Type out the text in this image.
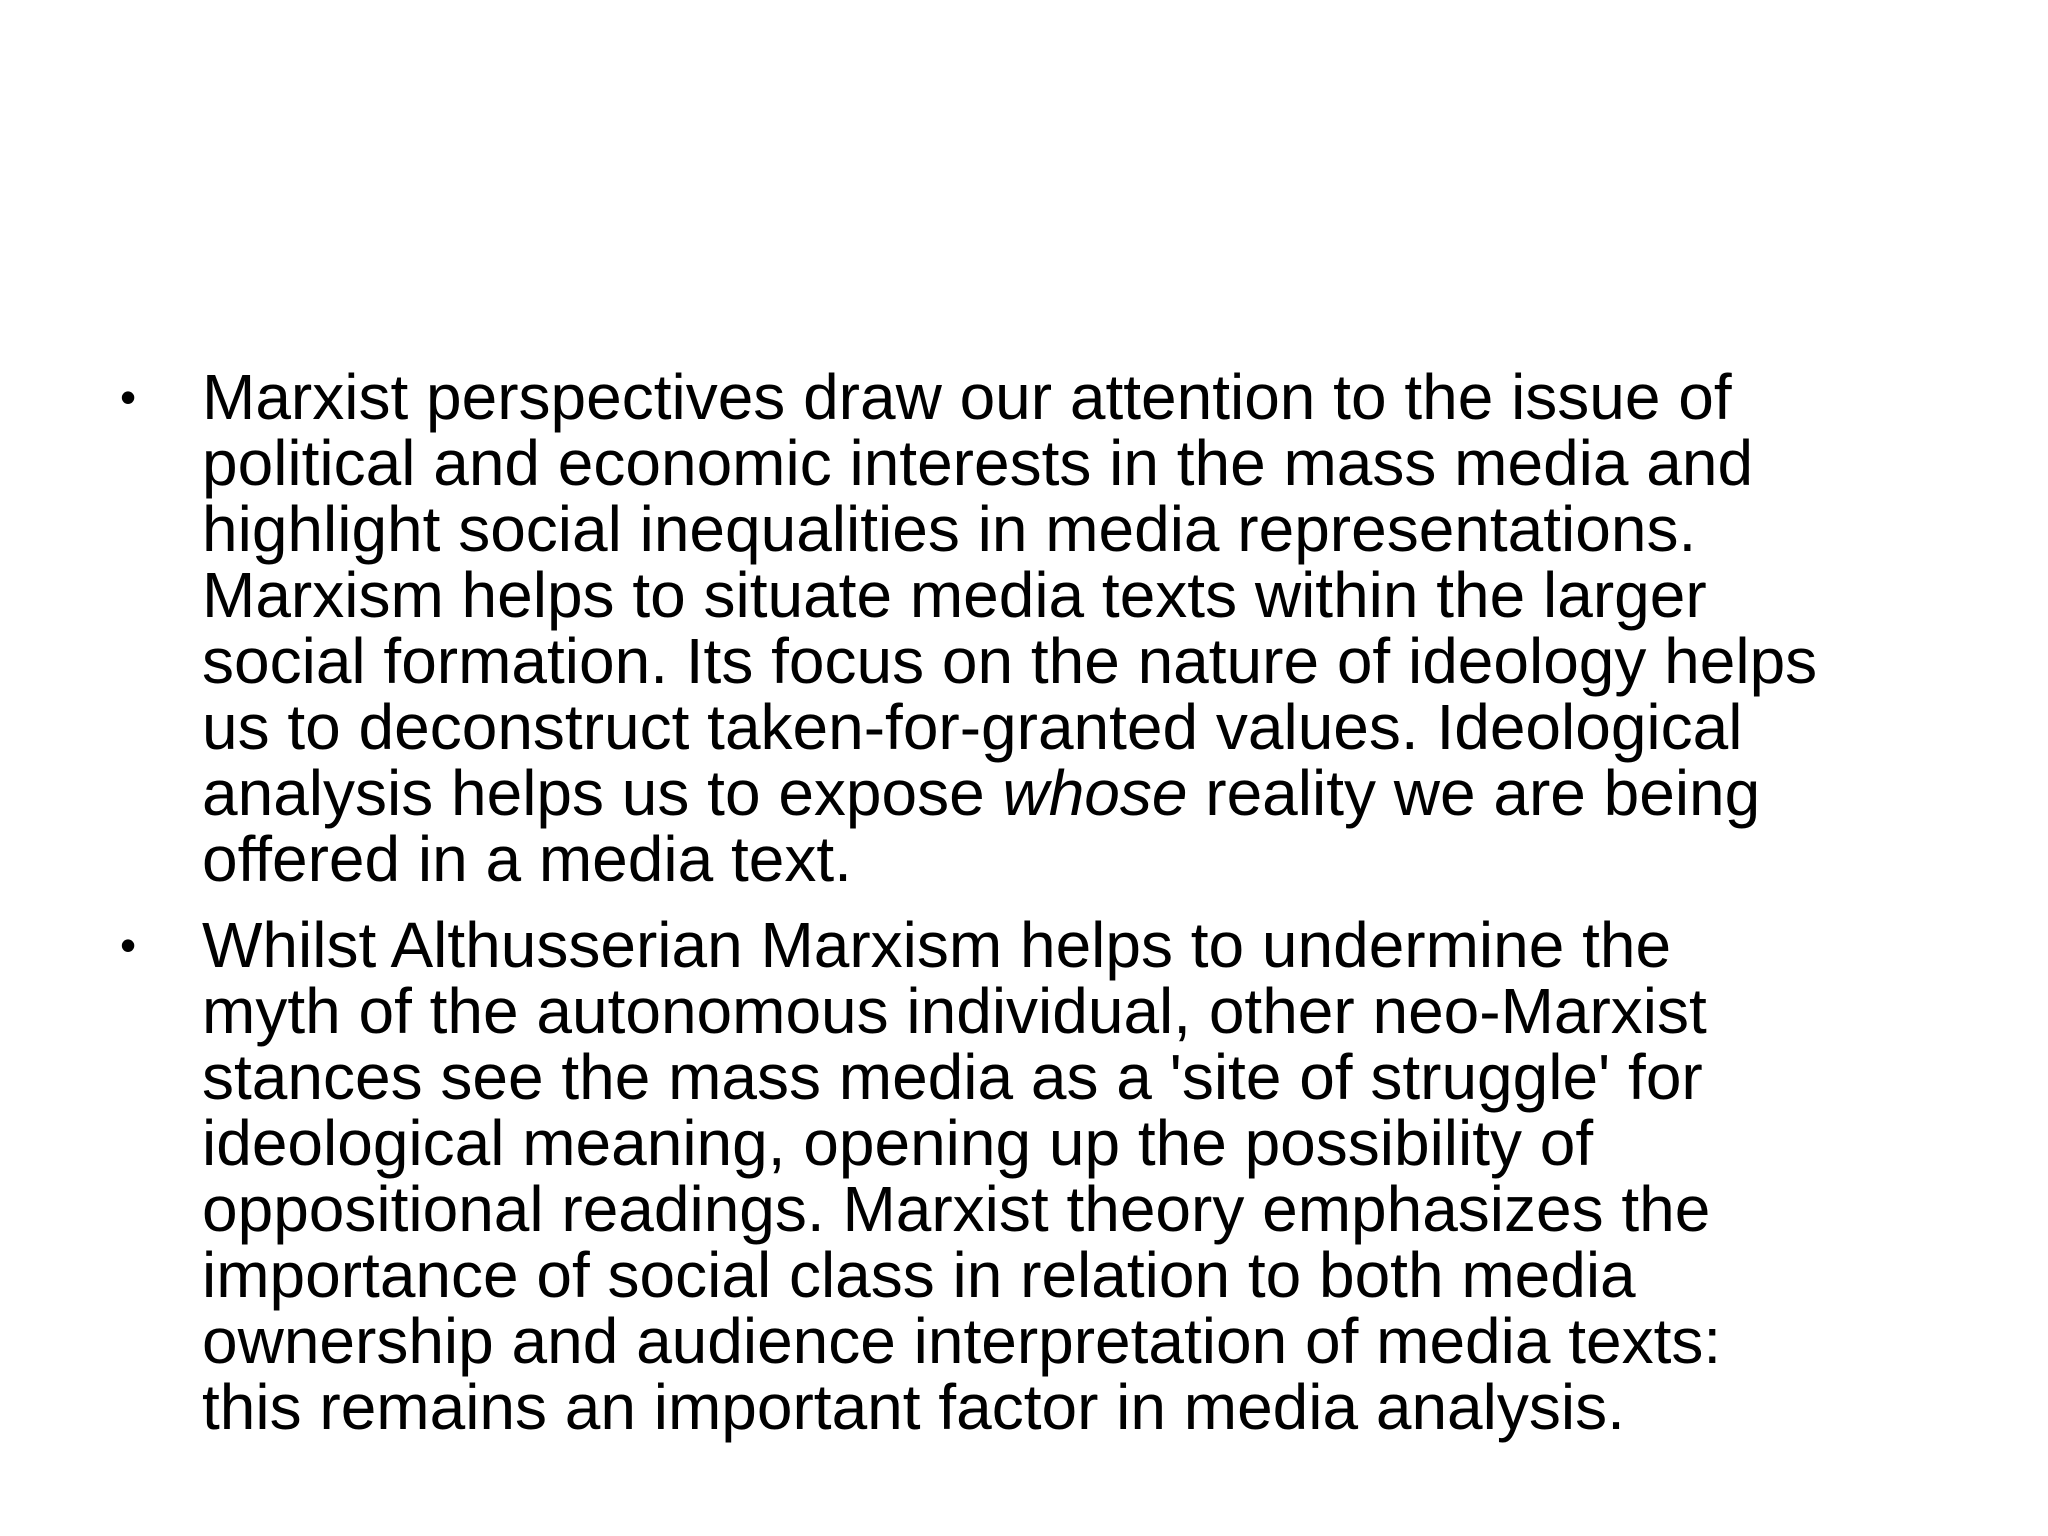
• Marxist perspectives draw our attention to the issue of
political and economic interests in the mass media and
highlight social inequalities in media representations.
Marxism helps to situate media texts within the larger
social formation. Its focus on the nature of ideology helps
us to deconstruct taken-for-granted values. Ideological
analysis helps us to expose whose reality we are being
offered in a media text.
• Whilst Althusserian Marxism helps to undermine the
myth of the autonomous individual, other neo-Marxist
stances see the mass media as a 'site of struggle' for
ideological meaning, opening up the possibility of
oppositional readings. Marxist theory emphasizes the
importance of social class in relation to both media
ownership and audience interpretation of media texts:
this remains an important factor in media analysis.
